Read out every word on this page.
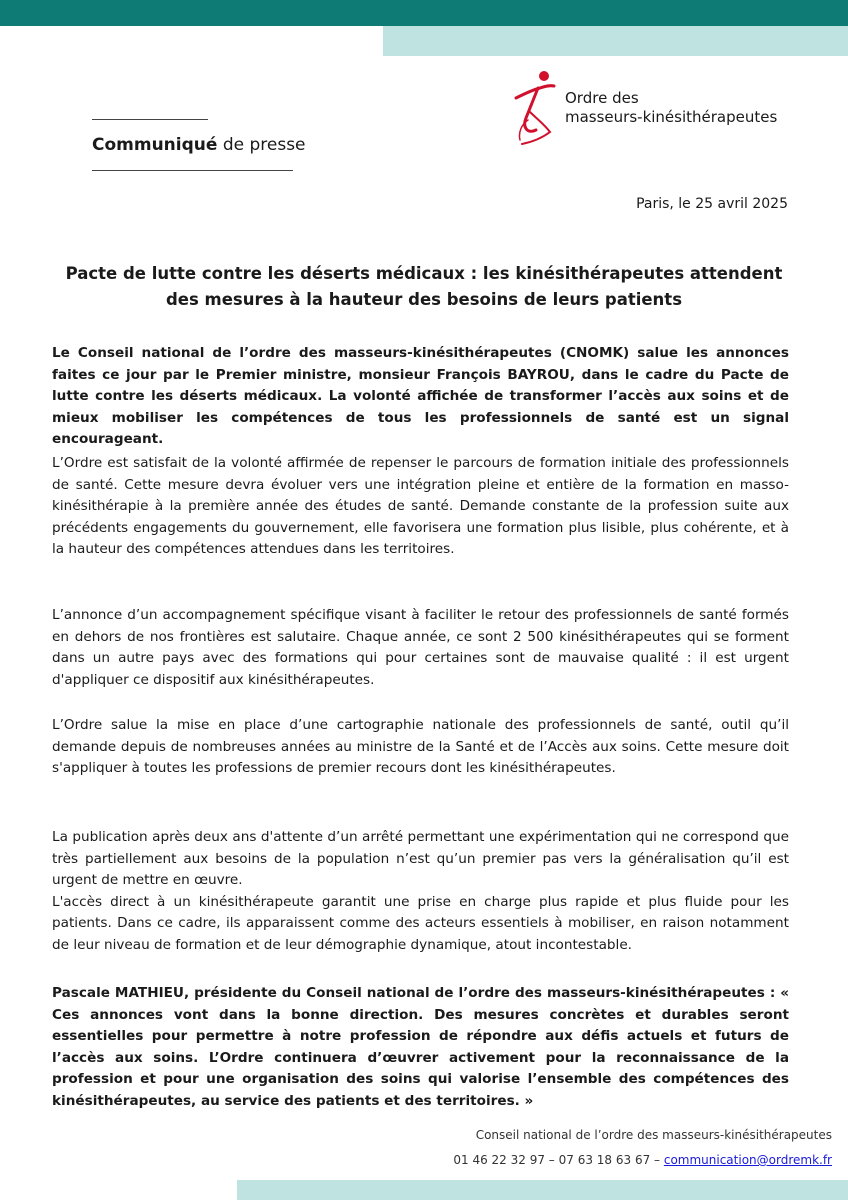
Ordre des
masseurs-kinésithérapeutes
Communiqué de presse
Paris, le 25 avril 2025
Pacte de lutte contre les déserts médicaux : les kinésithérapeutes attendent
des mesures à la hauteur des besoins de leurs patients

Le Conseil national de l’ordre des masseurs-kinésithérapeutes (CNOMK) salue les annonces faites ce jour par le Premier ministre, monsieur François BAYROU, dans le cadre du Pacte de lutte contre les déserts médicaux. La volonté affichée de transformer l’accès aux soins et de mieux mobiliser les compétences de tous les professionnels de santé est un signal encourageant.

L’Ordre est satisfait de la volonté affirmée de repenser le parcours de formation initiale des professionnels de santé. Cette mesure devra évoluer vers une intégration pleine et entière de la formation en masso-kinésithérapie à la première année des études de santé. Demande constante de la profession suite aux précédents engagements du gouvernement, elle favorisera une formation plus lisible, plus cohérente, et à la hauteur des compétences attendues dans les territoires.

L’annonce d’un accompagnement spécifique visant à faciliter le retour des professionnels de santé formés en dehors de nos frontières est salutaire. Chaque année, ce sont 2 500 kinésithérapeutes qui se forment dans un autre pays avec des formations qui pour certaines sont de mauvaise qualité : il est urgent d'appliquer ce dispositif aux kinésithérapeutes.

L’Ordre salue la mise en place d’une cartographie nationale des professionnels de santé, outil qu’il demande depuis de nombreuses années au ministre de la Santé et de l’Accès aux soins. Cette mesure doit s'appliquer à toutes les professions de premier recours dont les kinésithérapeutes.

La publication après deux ans d'attente d’un arrêté permettant une expérimentation qui ne correspond que très partiellement aux besoins de la population n’est qu’un premier pas vers la généralisation qu’il est urgent de mettre en œuvre.

L'accès direct à un kinésithérapeute garantit une prise en charge plus rapide et plus fluide pour les patients. Dans ce cadre, ils apparaissent comme des acteurs essentiels à mobiliser, en raison notamment de leur niveau de formation et de leur démographie dynamique, atout incontestable.

Pascale MATHIEU, présidente du Conseil national de l’ordre des masseurs-kinésithérapeutes : « Ces annonces vont dans la bonne direction. Des mesures concrètes et durables seront essentielles pour permettre à notre profession de répondre aux défis actuels et futurs de l’accès aux soins. L’Ordre continuera d’œuvrer activement pour la reconnaissance de la profession et pour une organisation des soins qui valorise l’ensemble des compétences des kinésithérapeutes, au service des patients et des territoires. »

Conseil national de l’ordre des masseurs-kinésithérapeutes
01 46 22 32 97 – 07 63 18 63 67 – communication@ordremk.fr
